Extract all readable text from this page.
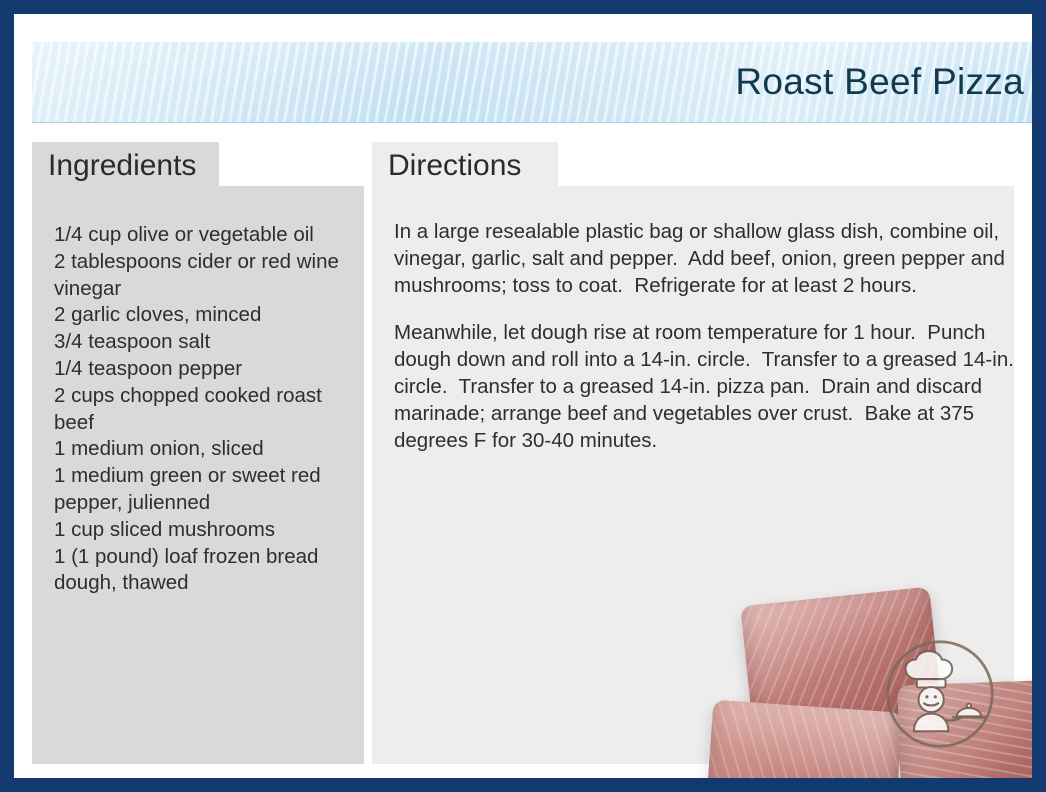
Roast Beef Pizza
1/4 cup olive or vegetable oil
2 tablespoons cider or red wine vinegar
2 garlic cloves, minced
3/4 teaspoon salt
1/4 teaspoon pepper
2 cups chopped cooked roast beef
1 medium onion, sliced
1 medium green or sweet red pepper, julienned
1 cup sliced mushrooms
1 (1 pound) loaf frozen bread dough, thawed

In a large resealable plastic bag or shallow glass dish, combine oil, vinegar, garlic, salt and pepper.  Add beef, onion, green pepper and mushrooms; toss to coat.  Refrigerate for at least 2 hours.

Meanwhile, let dough rise at room temperature for 1 hour.  Punch dough down and roll into a 14-in. circle.  Transfer to a greased 14-in. circle.  Transfer to a greased 14-in. pizza pan.  Drain and discard marinade; arrange beef and vegetables over crust.  Bake at 375 degrees F for 30-40 minutes.

Ingredients	Directions
